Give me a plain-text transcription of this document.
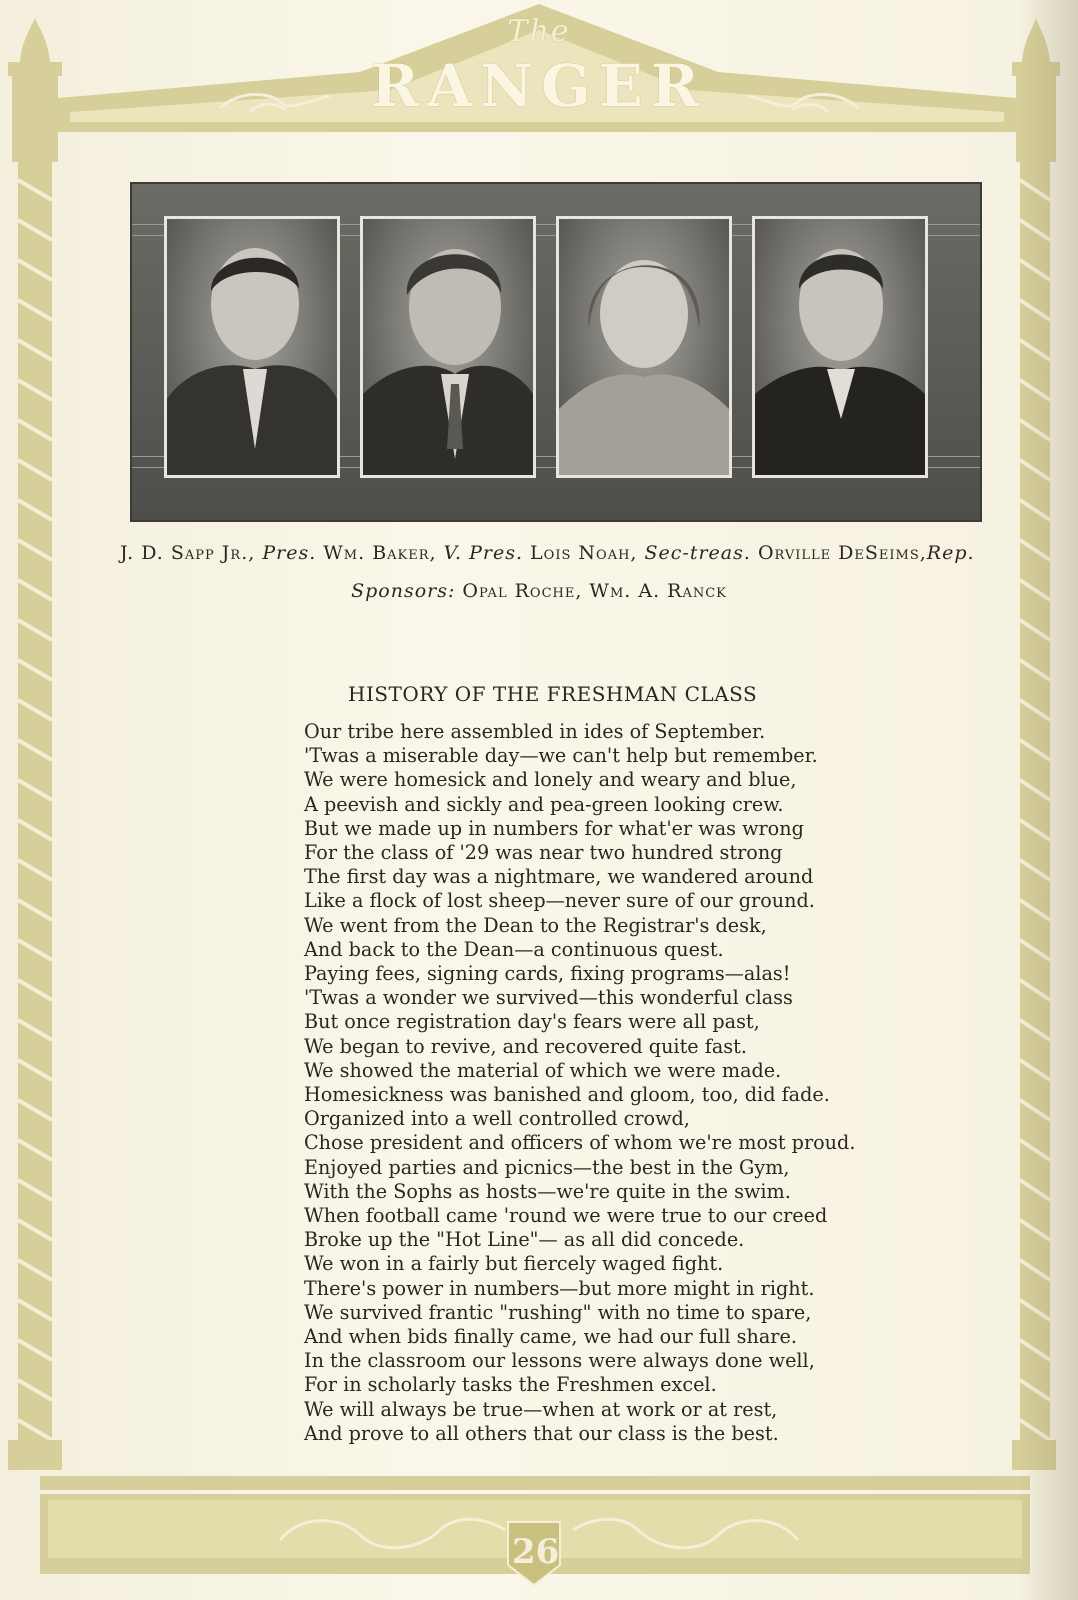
The
RANGER
J. D. Sapp Jr., Pres. Wm. Baker, V. Pres. Lois Noah, Sec-treas. Orville DeSeims,Rep.
Sponsors: Opal Roche, Wm. A. Ranck
HISTORY OF THE FRESHMAN CLASS
Our tribe here assembled in ides of September.
'Twas a miserable day—we can't help but remember.
We were homesick and lonely and weary and blue,
A peevish and sickly and pea-green looking crew.
But we made up in numbers for what'er was wrong
For the class of '29 was near two hundred strong
The first day was a nightmare, we wandered around
Like a flock of lost sheep—never sure of our ground.
We went from the Dean to the Registrar's desk,
And back to the Dean—a continuous quest.
Paying fees, signing cards, fixing programs—alas!
'Twas a wonder we survived—this wonderful class
But once registration day's fears were all past,
We began to revive, and recovered quite fast.
We showed the material of which we were made.
Homesickness was banished and gloom, too, did fade.
Organized into a well controlled crowd,
Chose president and officers of whom we're most proud.
Enjoyed parties and picnics—the best in the Gym,
With the Sophs as hosts—we're quite in the swim.
When football came 'round we were true to our creed
Broke up the "Hot Line"— as all did concede.
We won in a fairly but fiercely waged fight.
There's power in numbers—but more might in right.
We survived frantic "rushing" with no time to spare,
And when bids finally came, we had our full share.
In the classroom our lessons were always done well,
For in scholarly tasks the Freshmen excel.
We will always be true—when at work or at rest,
And prove to all others that our class is the best.
26
